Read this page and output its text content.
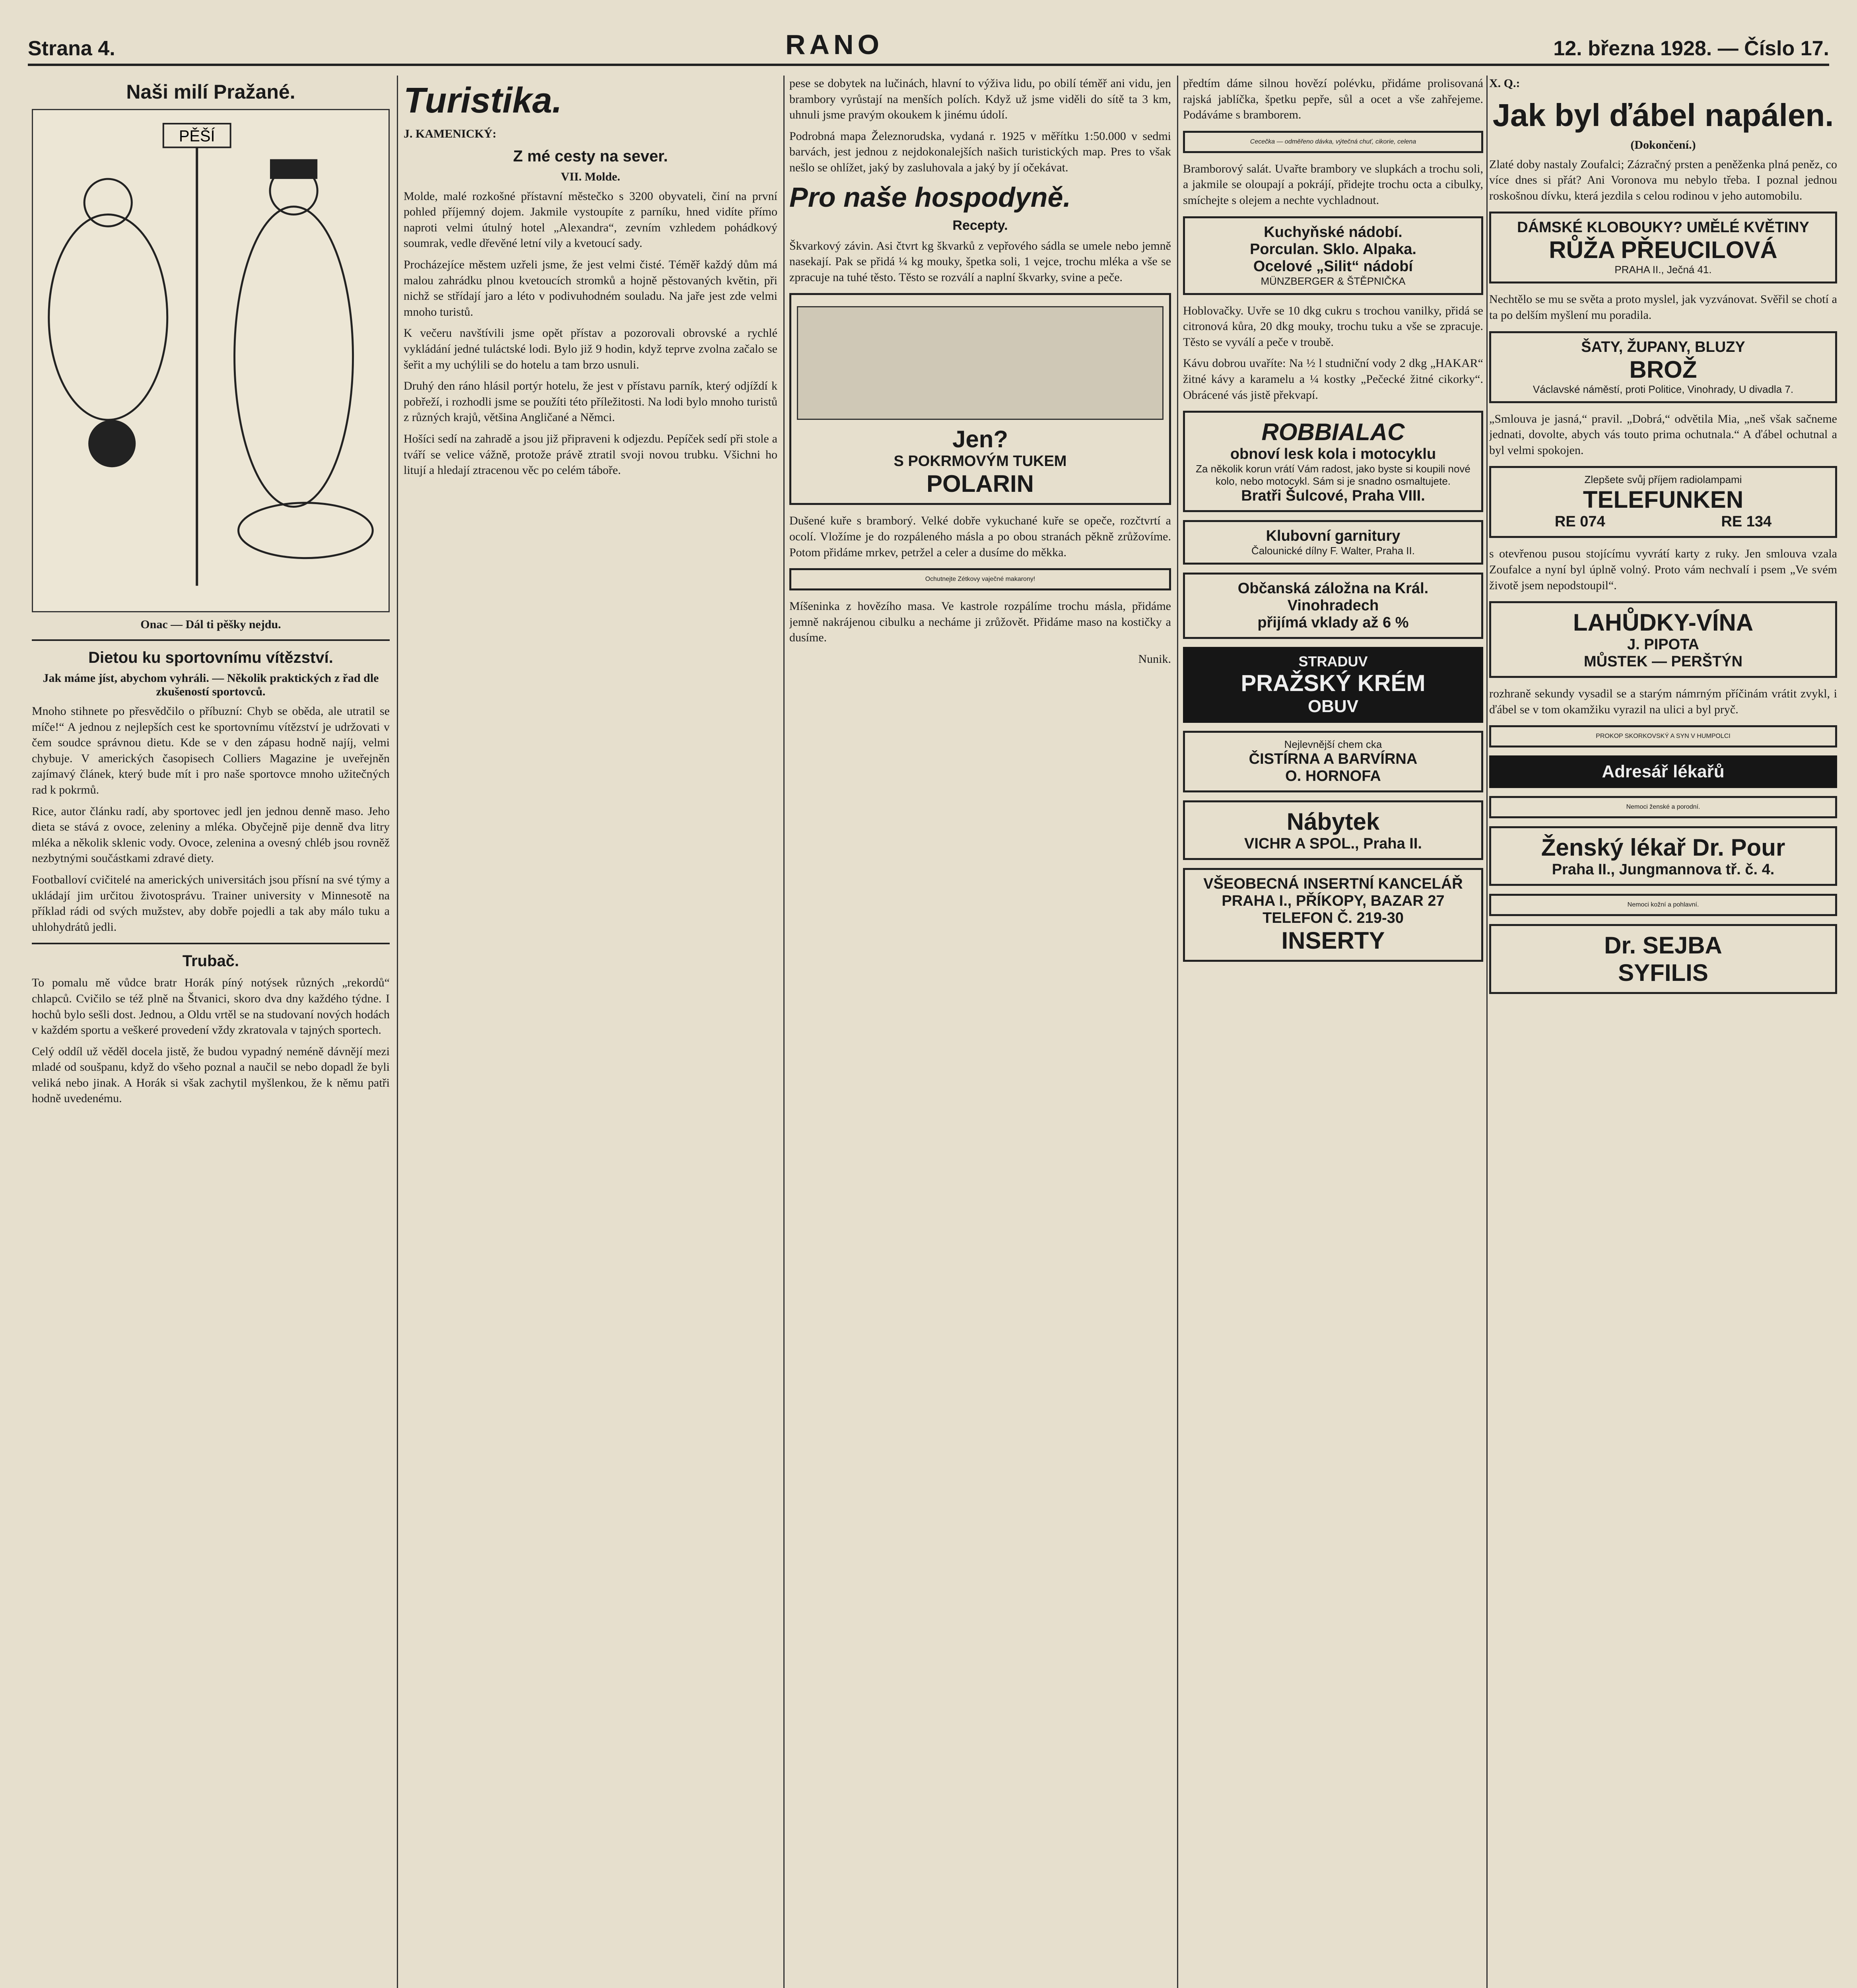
Strana 4.	RANO	12. března 1928. — Číslo 17.
Naši milí Pražané.
PĚŠÍ
Onac — Dál ti pěšky nejdu.
Dietou ku sportovnímu vítězství.
Jak máme jíst, abychom vyhráli. — Několik praktických z řad dle zkušeností sportovců.

Mnoho stihnete po přesvědčilo o příbuzní: Chyb se oběda, ale utratil se míče!“ A jednou z nejlepších cest ke sportovnímu vítězství je udržovati v čem soudce správnou dietu. Kde se v den zápasu hodně najíj, velmi chybuje. V amerických časopisech Colliers Magazine je uveřejněn zajímavý článek, který bude mít i pro naše sportovce mnoho užitečných rad k pokrmů.

Rice, autor článku radí, aby sportovec jedl jen jednou denně maso. Jeho dieta se stává z ovoce, zeleniny a mléka. Obyčejně pije denně dva litry mléka a několik sklenic vody. Ovoce, zelenina a ovesný chléb jsou rovněž nezbytnými součástkami zdravé diety.

Footballoví cvičitelé na amerických universitách jsou přísní na své týmy a ukládají jim určitou životosprávu. Trainer university v Minnesotě na příklad rádi od svých mužstev, aby dobře pojedli a tak aby málo tuku a uhlohydrátů jedli.

Trubač.

To pomalu mě vůdce bratr Horák píný notýsek různých „rekordů“ chlapců. Cvičilo se též plně na Štvanici, skoro dva dny každého týdne. I hochů bylo sešli dost. Jednou, a Oldu vrtěl se na studovaní nových hodách v každém sportu a veškeré provedení vždy zkratovala v tajných sportech.

Celý oddíl už věděl docela jistě, že budou vypadný neméně dávnějí mezi mladé od soušpanu, když do všeho poznal a naučil se nebo dopadl že byli veliká nebo jinak. A Horák si však zachytil myšlenkou, že k němu patři hodně uvedenému.

Turistika.
J. KAMENICKÝ:
Z mé cesty na sever.
VII. Molde.

Molde, malé rozkošné přístavní městečko s 3200 obyvateli, činí na první pohled příjemný dojem. Jakmile vystoupíte z parníku, hned vidíte přímo naproti velmi útulný hotel „Alexandra“, zevním vzhledem pohádkový soumrak, vedle dřevěné letní vily a kvetoucí sady.

Procházejíce městem uzřeli jsme, že jest velmi čisté. Téměř každý dům má malou zahrádku plnou kvetoucích stromků a hojně pěstovaných květin, při nichž se střídají jaro a léto v podivuhodném souladu. Na jaře jest zde velmi mnoho turistů.

K večeru navštívili jsme opět přístav a pozorovali obrovské a rychlé vykládání jedné tuláctské lodi. Bylo již 9 hodin, když teprve zvolna začalo se šeřit a my uchýlili se do hotelu a tam brzo usnuli.

Druhý den ráno hlásil portýr hotelu, že jest v přístavu parník, který odjíždí k pobřeží, i rozhodli jsme se použíti této příležitosti. Na lodi bylo mnoho turistů z různých krajů, většina Angličané a Němci.

Hošíci sedí na zahradě a jsou již připraveni k odjezdu. Pepíček sedí při stole a tváří se velice vážně, protože právě ztratil svoji novou trubku. Všichni ho litují a hledají ztracenou věc po celém táboře.

pese se dobytek na lučinách, hlavní to výživa lidu, po obilí téměř ani vidu, jen brambory vyrůstají na menších polích. Když už jsme viděli do sítě ta 3 km, uhnuli jsme pravým okoukem k jinému údolí.

Podrobná mapa Železnorudska, vydaná r. 1925 v měřítku 1:50.000 v sedmi barvách, jest jednou z nejdokonalejších našich turistických map. Pres to však nešlo se ohlížet, jaký by zasluhovala a jaký by jí očekávat.

Pro naše hospodyně.
Recepty.

Škvarkový závin. Asi čtvrt kg škvarků z vepřového sádla se umele nebo jemně nasekají. Pak se přidá ¼ kg mouky, špetka soli, 1 vejce, trochu mléka a vše se zpracuje na tuhé těsto. Těsto se rozválí a naplní škvarky, svine a peče.

Jen?
S POKRMOVÝM TUKEM
POLARIN

Dušené kuře s bramborý. Velké dobře vykuchané kuře se opeče, rozčtvrtí a ocolí. Vložíme je do rozpáleného másla a po obou stranách pěkně zrůžovíme. Potom přidáme mrkev, petržel a celer a dusíme do měkka.

Ochutnejte Zétkovy vaječné makarony!

Míšeninka z hovězího masa. Ve kastrole rozpálíme trochu másla, přidáme jemně nakrájenou cibulku a necháme ji zrůžovět. Přidáme maso na kostičky a dusíme.

Nunik.

předtím dáme silnou hovězí polévku, přidáme prolisovaná rajská jablíčka, špetku pepře, sůl a ocet a vše zahřejeme. Podáváme s bramborem.

Cecečka — odměřeno dávka, výtečná chuť, cikorie, celena

Bramborový salát. Uvařte brambory ve slupkách a trochu soli, a jakmile se oloupají a pokrájí, přidejte trochu octa a cibulky, smíchejte s olejem a nechte vychladnout.

Kuchyňské nádobí.
Porculan. Sklo. Alpaka.
Ocelové „Silit“ nádobí
MÜNZBERGER & ŠTĚPNIČKA

Hoblovačky. Uvře se 10 dkg cukru s trochou vanilky, přidá se citronová kůra, 20 dkg mouky, trochu tuku a vše se zpracuje. Těsto se vyválí a peče v troubě.

Kávu dobrou uvaříte: Na ½ l studniční vody 2 dkg „HAKAR“ žitné kávy a karamelu a ¼ kostky „Pečecké žitné cikorky“. Obrácené vás jistě překvapí.

ROBBIALAC
obnoví lesk kola i motocyklu
Za několik korun vrátí Vám radost, jako byste si koupili nové kolo, nebo motocykl. Sám si je snadno osmaltujete.
Bratři Šulcové, Praha VIII.
Klubovní garnitury
Čalounické dílny F. Walter, Praha II.
Občanská záložna na Král. Vinohradech
přijímá vklady až 6 %
STRADUV
PRAŽSKÝ KRÉM
OBUV
Nejlevnější chem cka
ČISTÍRNA A BARVÍRNA
O. HORNOFA
Nábytek
VICHR A SPOL., Praha II.
VŠEOBECNÁ INSERTNÍ KANCELÁŘ PRAHA I., PŘÍKOPY, BAZAR 27
TELEFON Č. 219-30
INSERTY
X. Q.:
Jak byl ďábel napálen.
(Dokončení.)

Zlaté doby nastaly Zoufalci; Zázračný prsten a peněženka plná peněz, co více dnes si přát? Ani Voronova mu nebylo třeba. I poznal jednou roskošnou dívku, která jezdila s celou rodinou v jeho automobilu.

DÁMSKÉ KLOBOUKY? UMĚLÉ KVĚTINY
RŮŽA PŘEUCILOVÁ
PRAHA II., Ječná 41.

Nechtělo se mu se světa a proto myslel, jak vyzvánovat. Svěřil se chotí a ta po delším myšlení mu poradila.

ŠATY, ŽUPANY, BLUZY
BROŽ
Václavské náměstí, proti Politice, Vinohrady, U divadla 7.

„Smlouva je jasná,“ pravil. „Dobrá,“ odvětila Mia, „neš však sačneme jednati, dovolte, abych vás touto prima ochutnala.“ A ďábel ochutnal a byl velmi spokojen.

Zlepšete svůj příjem radiolampami
TELEFUNKEN
RE 074	RE 134

s otevřenou pusou stojícímu vyvrátí karty z ruky. Jen smlouva vzala Zoufalce a nyní byl úplně volný. Proto vám nechvalí i psem „Ve svém životě jsem nepodstoupil“.

LAHŮDKY-VÍNA
J. PIPOTA
MŮSTEK — PERŠTÝN

rozhraně sekundy vysadil se a starým námrným příčinám vrátit zvykl, i ďábel se v tom okamžiku vyrazil na ulici a byl pryč.

PROKOP SKORKOVSKÝ A SYN V HUMPOLCI
Adresář lékařů
Nemoci ženské a porodní.
Ženský lékař Dr. Pour
Praha II., Jungmannova tř. č. 4.
Nemoci kožní a pohlavní.
Dr. SEJBA
SYFILIS
